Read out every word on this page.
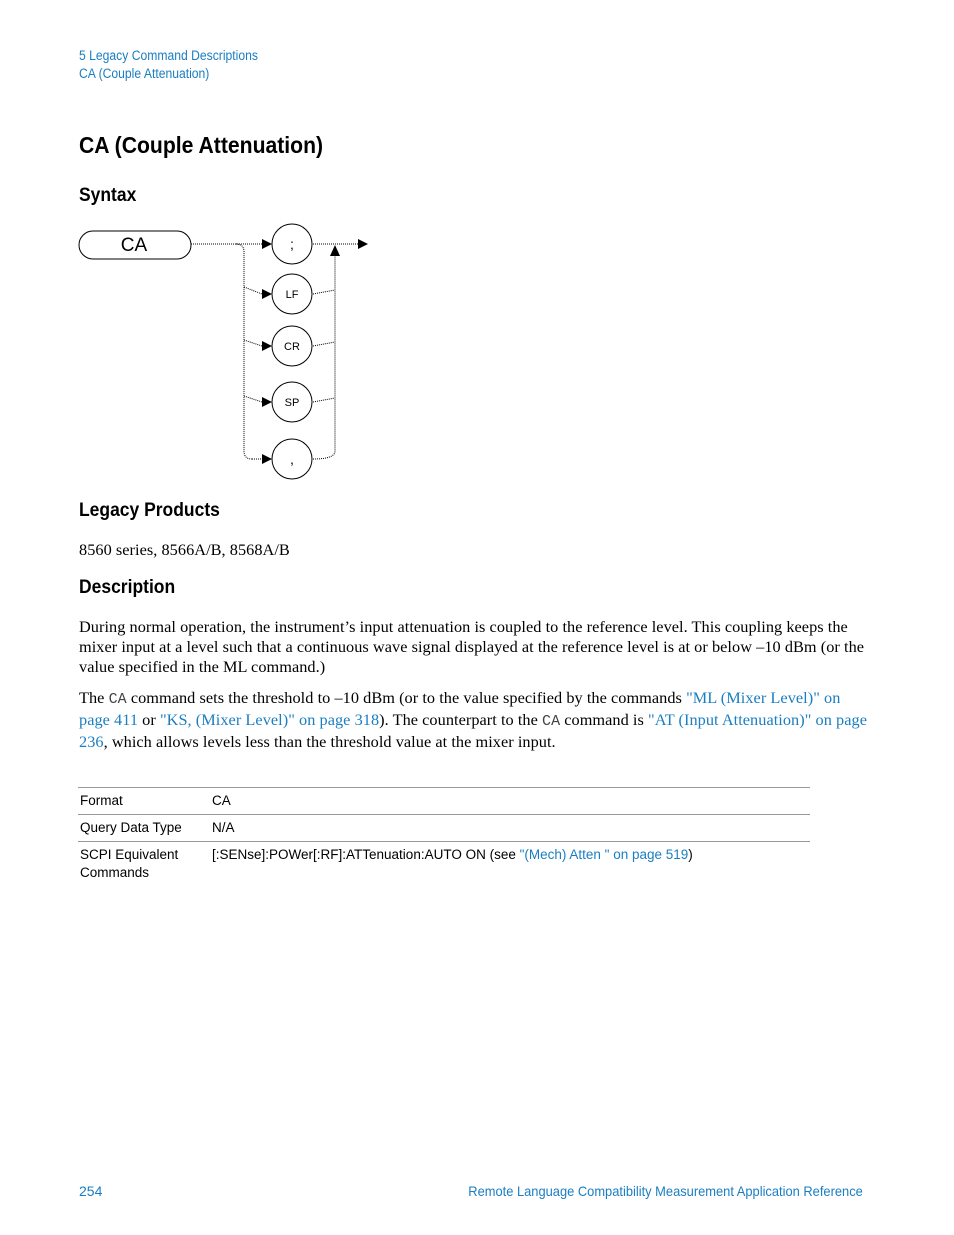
5 Legacy Command Descriptions
CA (Couple Attenuation)
CA (Couple Attenuation)
Syntax
CA	;
LF
CR
SP
,
Legacy Products

8560 series, 8566A/B, 8568A/B

Description

During normal operation, the instrument’s input attenuation is coupled to the reference level. This coupling keeps the mixer input at a level such that a continuous wave signal displayed at the reference level is at or below –10 dBm (or the value specified in the ML command.)

The CA command sets the threshold to –10 dBm (or to the value specified by the commands "ML (Mixer Level)" on page 411 or "KS, (Mixer Level)" on page 318). The counterpart to the CA command is "AT (Input Attenuation)" on page 236, which allows levels less than the threshold value at the mixer input.

Format	CA
Query Data Type	N/A
SCPI Equivalent Commands	[:SENse]:POWer[:RF]:ATTenuation:AUTO ON (see "(Mech) Atten " on page 519)
254	Remote Language Compatibility Measurement Application Reference
